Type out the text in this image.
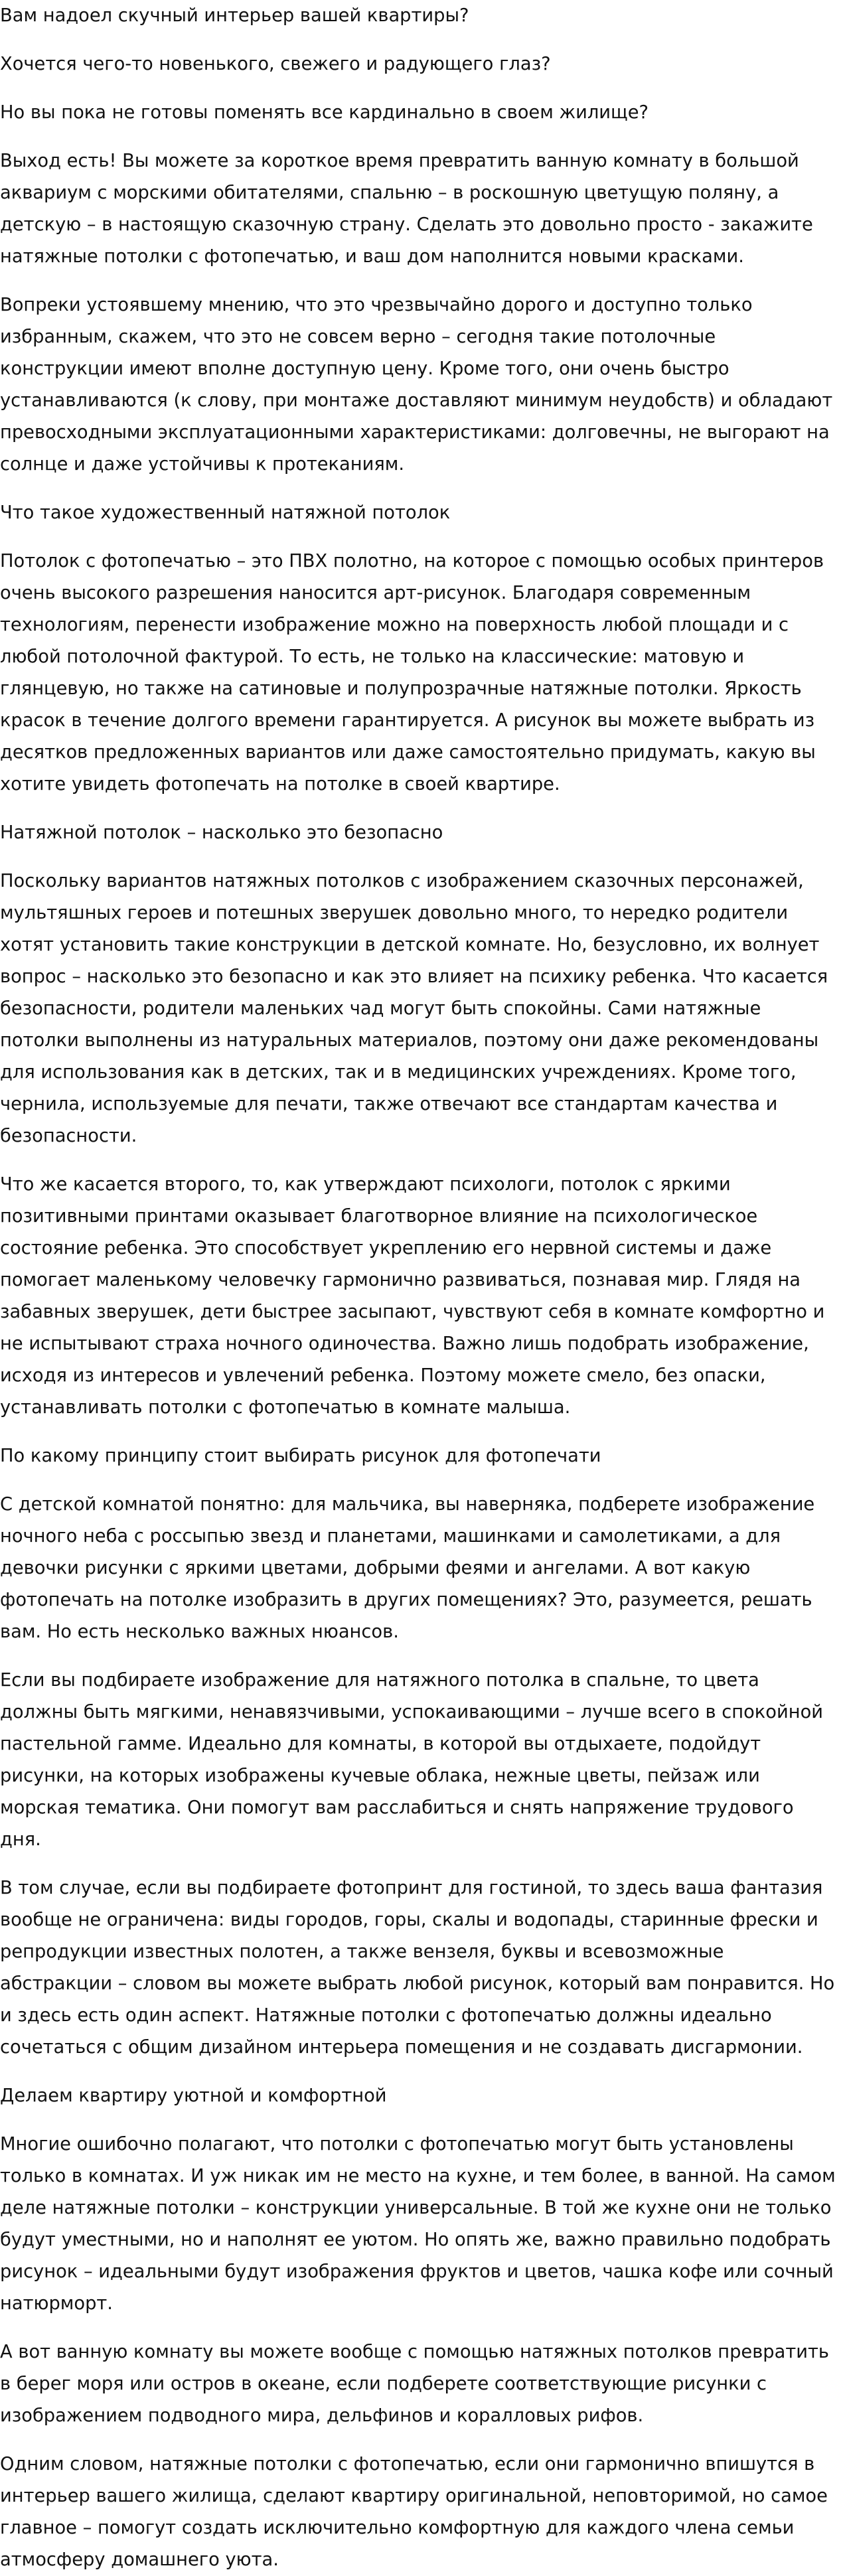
Вам надоел скучный интерьер вашей квартиры?

Хочется чего-то новенького, свежего и радующего глаз?

Но вы пока не готовы поменять все кардинально в своем жилище?

Выход есть! Вы можете за короткое время превратить ванную комнату в большой аквариум с морскими обитателями, спальню – в роскошную цветущую поляну, а детскую – в настоящую сказочную страну. Сделать это довольно просто - закажите натяжные потолки с фотопечатью, и ваш дом наполнится новыми красками.

Вопреки устоявшему мнению, что это чрезвычайно дорого и доступно только избранным, скажем, что это не совсем верно – сегодня такие потолочные конструкции имеют вполне доступную цену. Кроме того, они очень быстро устанавливаются (к слову, при монтаже доставляют минимум неудобств) и обладают превосходными эксплуатационными характеристиками: долговечны, не выгорают на солнце и даже устойчивы к протеканиям.

Что такое художественный натяжной потолок

Потолок с фотопечатью – это ПВХ полотно, на которое с помощью особых принтеров очень высокого разрешения наносится арт-рисунок. Благодаря современным технологиям, перенести изображение можно на поверхность любой площади и с любой потолочной фактурой. То есть, не только на классические: матовую и глянцевую, но также на сатиновые и полупрозрачные натяжные потолки. Яркость красок в течение долгого времени гарантируется. А рисунок вы можете выбрать из десятков предложенных вариантов или даже самостоятельно придумать, какую вы хотите увидеть фотопечать на потолке в своей квартире.

Натяжной потолок – насколько это безопасно

Поскольку вариантов натяжных потолков с изображением сказочных персонажей, мультяшных героев и потешных зверушек довольно много, то нередко родители хотят установить такие конструкции в детской комнате. Но, безусловно, их волнует вопрос – насколько это безопасно и как это влияет на психику ребенка. Что касается безопасности, родители маленьких чад могут быть спокойны. Сами натяжные потолки выполнены из натуральных материалов, поэтому они даже рекомендованы для использования как в детских, так и в медицинских учреждениях. Кроме того, чернила, используемые для печати, также отвечают все стандартам качества и безопасности.

Что же касается второго, то, как утверждают психологи, потолок с яркими позитивными принтами оказывает благотворное влияние на психологическое состояние ребенка. Это способствует укреплению его нервной системы и даже помогает маленькому человечку гармонично развиваться, познавая мир. Глядя на забавных зверушек, дети быстрее засыпают, чувствуют себя в комнате комфортно и не испытывают страха ночного одиночества. Важно лишь подобрать изображение, исходя из интересов и увлечений ребенка. Поэтому можете смело, без опаски, устанавливать потолки с фотопечатью в комнате малыша.

По какому принципу стоит выбирать рисунок для фотопечати

С детской комнатой понятно: для мальчика, вы наверняка, подберете изображение ночного неба с россыпью звезд и планетами, машинками и самолетиками, а для девочки рисунки с яркими цветами, добрыми феями и ангелами. А вот какую фотопечать на потолке изобразить в других помещениях? Это, разумеется, решать вам. Но есть несколько важных нюансов.

Если вы подбираете изображение для натяжного потолка в спальне, то цвета должны быть мягкими, ненавязчивыми, успокаивающими – лучше всего в спокойной пастельной гамме. Идеально для комнаты, в которой вы отдыхаете, подойдут рисунки, на которых изображены кучевые облака, нежные цветы, пейзаж или морская тематика. Они помогут вам расслабиться и снять напряжение трудового дня.

В том случае, если вы подбираете фотопринт для гостиной, то здесь ваша фантазия вообще не ограничена: виды городов, горы, скалы и водопады, старинные фрески и репродукции известных полотен, а также вензеля, буквы и всевозможные абстракции – словом вы можете выбрать любой рисунок, который вам понравится. Но и здесь есть один аспект. Натяжные потолки с фотопечатью должны идеально сочетаться с общим дизайном интерьера помещения и не создавать дисгармонии.

Делаем квартиру уютной и комфортной

Многие ошибочно полагают, что потолки с фотопечатью могут быть установлены только в комнатах. И уж никак им не место на кухне, и тем более, в ванной. На самом деле натяжные потолки – конструкции универсальные. В той же кухне они не только будут уместными, но и наполнят ее уютом. Но опять же, важно правильно подобрать рисунок – идеальными будут изображения фруктов и цветов, чашка кофе или сочный натюрморт.

А вот ванную комнату вы можете вообще с помощью натяжных потолков превратить в берег моря или остров в океане, если подберете соответствующие рисунки с изображением подводного мира, дельфинов и коралловых рифов.

Одним словом, натяжные потолки с фотопечатью, если они гармонично впишутся в интерьер вашего жилища, сделают квартиру оригинальной, неповторимой, но самое главное – помогут создать исключительно комфортную для каждого члена семьи атмосферу домашнего уюта.
